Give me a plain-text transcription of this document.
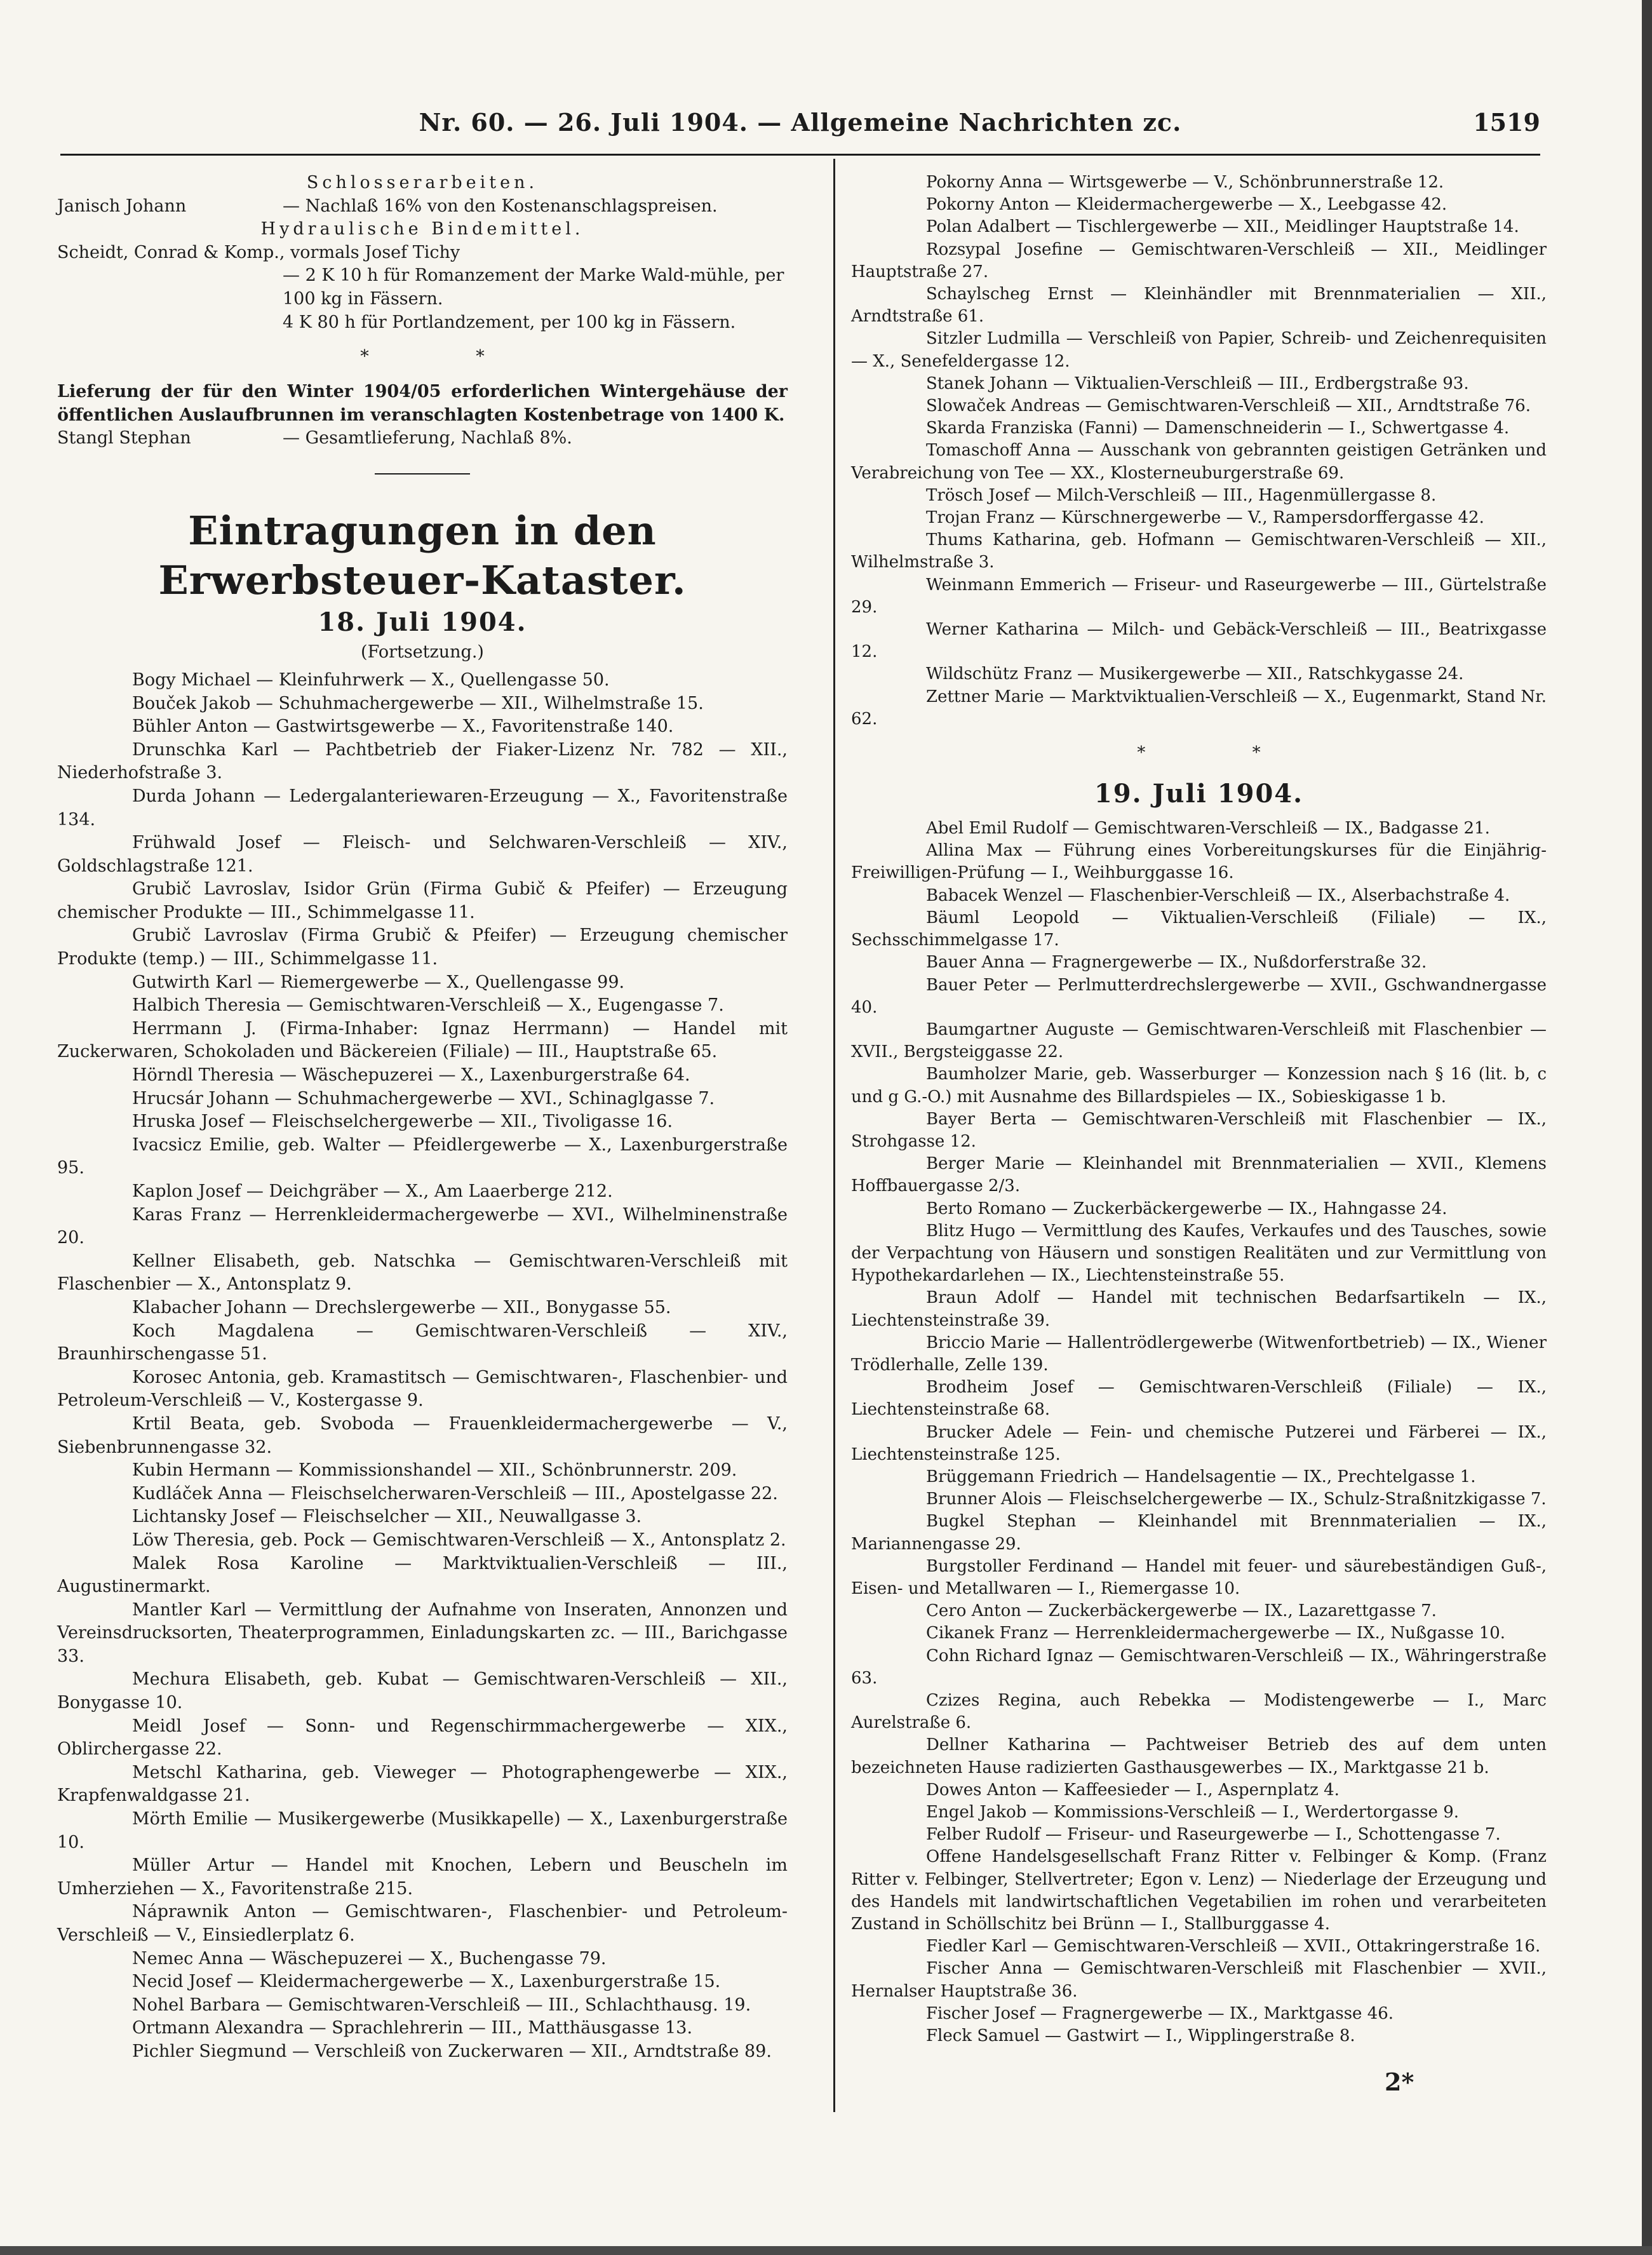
Nr. 60. — 26. Juli 1904. — Allgemeine Nachrichten zc.	1519

Schlosserarbeiten.

Janisch Johann	— Nachlaß 16% von den Kostenanschlagspreisen.

Hydraulische Bindemittel.

Scheidt, Conrad & Komp., vormals Josef Tichy

— 2 K 10 h für Romanzement der Marke Wald-mühle, per 100 kg in Fässern.

4 K 80 h für Portlandzement, per 100 kg in Fässern.

* *

Lieferung der für den Winter 1904/05 erforderlichen Wintergehäuse der öffentlichen Auslaufbrunnen im veranschlagten Kostenbetrage von 1400 K.

Stangl Stephan	— Gesamtlieferung, Nachlaß 8%.
Eintragungen in den Erwerbsteuer-Kataster.
18. Juli 1904.
(Fortsetzung.)

Bogy Michael — Kleinfuhrwerk — X., Quellengasse 50.

Bouček Jakob — Schuhmachergewerbe — XII., Wilhelmstraße 15.

Bühler Anton — Gastwirtsgewerbe — X., Favoritenstraße 140.

Drunschka Karl — Pachtbetrieb der Fiaker-Lizenz Nr. 782 — XII., Niederhofstraße 3.

Durda Johann — Ledergalanteriewaren-Erzeugung — X., Favoritenstraße 134.

Frühwald Josef — Fleisch- und Selchwaren-Verschleiß — XIV., Goldschlagstraße 121.

Grubič Lavroslav, Isidor Grün (Firma Gubič & Pfeifer) — Erzeugung chemischer Produkte — III., Schimmelgasse 11.

Grubič Lavroslav (Firma Grubič & Pfeifer) — Erzeugung chemischer Produkte (temp.) — III., Schimmelgasse 11.

Gutwirth Karl — Riemergewerbe — X., Quellengasse 99.

Halbich Theresia — Gemischtwaren-Verschleiß — X., Eugengasse 7.

Herrmann J. (Firma-Inhaber: Ignaz Herrmann) — Handel mit Zuckerwaren, Schokoladen und Bäckereien (Filiale) — III., Hauptstraße 65.

Hörndl Theresia — Wäschepuzerei — X., Laxenburgerstraße 64.

Hrucsár Johann — Schuhmachergewerbe — XVI., Schinaglgasse 7.

Hruska Josef — Fleischselchergewerbe — XII., Tivoligasse 16.

Ivacsicz Emilie, geb. Walter — Pfeidlergewerbe — X., Laxenburgerstraße 95.

Kaplon Josef — Deichgräber — X., Am Laaerberge 212.

Karas Franz — Herrenkleidermachergewerbe — XVI., Wilhelminenstraße 20.

Kellner Elisabeth, geb. Natschka — Gemischtwaren-Verschleiß mit Flaschenbier — X., Antonsplatz 9.

Klabacher Johann — Drechslergewerbe — XII., Bonygasse 55.

Koch Magdalena — Gemischtwaren-Verschleiß — XIV., Braunhirschengasse 51.

Korosec Antonia, geb. Kramastitsch — Gemischtwaren-, Flaschenbier- und Petroleum-Verschleiß — V., Kostergasse 9.

Krtil Beata, geb. Svoboda — Frauenkleidermachergewerbe — V., Siebenbrunnengasse 32.

Kubin Hermann — Kommissionshandel — XII., Schönbrunnerstr. 209.

Kudláček Anna — Fleischselcherwaren-Verschleiß — III., Apostelgasse 22.

Lichtansky Josef — Fleischselcher — XII., Neuwallgasse 3.

Löw Theresia, geb. Pock — Gemischtwaren-Verschleiß — X., Antonsplatz 2.

Malek Rosa Karoline — Marktviktualien-Verschleiß — III., Augustinermarkt.

Mantler Karl — Vermittlung der Aufnahme von Inseraten, Annonzen und Vereinsdrucksorten, Theaterprogrammen, Einladungskarten zc. — III., Barichgasse 33.

Mechura Elisabeth, geb. Kubat — Gemischtwaren-Verschleiß — XII., Bonygasse 10.

Meidl Josef — Sonn- und Regenschirmmachergewerbe — XIX., Oblirchergasse 22.

Metschl Katharina, geb. Vieweger — Photographengewerbe — XIX., Krapfenwaldgasse 21.

Mörth Emilie — Musikergewerbe (Musikkapelle) — X., Laxenburgerstraße 10.

Müller Artur — Handel mit Knochen, Lebern und Beuscheln im Umherziehen — X., Favoritenstraße 215.

Náprawnik Anton — Gemischtwaren-, Flaschenbier- und Petroleum-Verschleiß — V., Einsiedlerplatz 6.

Nemec Anna — Wäschepuzerei — X., Buchengasse 79.

Necid Josef — Kleidermachergewerbe — X., Laxenburgerstraße 15.

Nohel Barbara — Gemischtwaren-Verschleiß — III., Schlachthausg. 19.

Ortmann Alexandra — Sprachlehrerin — III., Matthäusgasse 13.

Pichler Siegmund — Verschleiß von Zuckerwaren — XII., Arndtstraße 89.

Pokorny Anna — Wirtsgewerbe — V., Schönbrunnerstraße 12.

Pokorny Anton — Kleidermachergewerbe — X., Leebgasse 42.

Polan Adalbert — Tischlergewerbe — XII., Meidlinger Hauptstraße 14.

Rozsypal Josefine — Gemischtwaren-Verschleiß — XII., Meidlinger Hauptstraße 27.

Schaylscheg Ernst — Kleinhändler mit Brennmaterialien — XII., Arndtstraße 61.

Sitzler Ludmilla — Verschleiß von Papier, Schreib- und Zeichenrequisiten — X., Senefeldergasse 12.

Stanek Johann — Viktualien-Verschleiß — III., Erdbergstraße 93.

Slowaček Andreas — Gemischtwaren-Verschleiß — XII., Arndtstraße 76.

Skarda Franziska (Fanni) — Damenschneiderin — I., Schwertgasse 4.

Tomaschoff Anna — Ausschank von gebrannten geistigen Getränken und Verabreichung von Tee — XX., Klosterneuburgerstraße 69.

Trösch Josef — Milch-Verschleiß — III., Hagenmüllergasse 8.

Trojan Franz — Kürschnergewerbe — V., Rampersdorffergasse 42.

Thums Katharina, geb. Hofmann — Gemischtwaren-Verschleiß — XII., Wilhelmstraße 3.

Weinmann Emmerich — Friseur- und Raseurgewerbe — III., Gürtelstraße 29.

Werner Katharina — Milch- und Gebäck-Verschleiß — III., Beatrixgasse 12.

Wildschütz Franz — Musikergewerbe — XII., Ratschkygasse 24.

Zettner Marie — Marktviktualien-Verschleiß — X., Eugenmarkt, Stand Nr. 62.

* *
19. Juli 1904.

Abel Emil Rudolf — Gemischtwaren-Verschleiß — IX., Badgasse 21.

Allina Max — Führung eines Vorbereitungskurses für die Einjährig-Freiwilligen-Prüfung — I., Weihburggasse 16.

Babacek Wenzel — Flaschenbier-Verschleiß — IX., Alserbachstraße 4.

Bäuml Leopold — Viktualien-Verschleiß (Filiale) — IX., Sechsschimmelgasse 17.

Bauer Anna — Fragnergewerbe — IX., Nußdorferstraße 32.

Bauer Peter — Perlmutterdrechslergewerbe — XVII., Gschwandnergasse 40.

Baumgartner Auguste — Gemischtwaren-Verschleiß mit Flaschenbier — XVII., Bergsteiggasse 22.

Baumholzer Marie, geb. Wasserburger — Konzession nach § 16 (lit. b, c und g G.-O.) mit Ausnahme des Billardspieles — IX., Sobieskigasse 1 b.

Bayer Berta — Gemischtwaren-Verschleiß mit Flaschenbier — IX., Strohgasse 12.

Berger Marie — Kleinhandel mit Brennmaterialien — XVII., Klemens Hoffbauergasse 2/3.

Berto Romano — Zuckerbäckergewerbe — IX., Hahngasse 24.

Blitz Hugo — Vermittlung des Kaufes, Verkaufes und des Tausches, sowie der Verpachtung von Häusern und sonstigen Realitäten und zur Vermittlung von Hypothekardarlehen — IX., Liechtensteinstraße 55.

Braun Adolf — Handel mit technischen Bedarfsartikeln — IX., Liechtensteinstraße 39.

Briccio Marie — Hallentrödlergewerbe (Witwenfortbetrieb) — IX., Wiener Trödlerhalle, Zelle 139.

Brodheim Josef — Gemischtwaren-Verschleiß (Filiale) — IX., Liechtensteinstraße 68.

Brucker Adele — Fein- und chemische Putzerei und Färberei — IX., Liechtensteinstraße 125.

Brüggemann Friedrich — Handelsagentie — IX., Prechtelgasse 1.

Brunner Alois — Fleischselchergewerbe — IX., Schulz-Straßnitzkigasse 7.

Bugkel Stephan — Kleinhandel mit Brennmaterialien — IX., Mariannengasse 29.

Burgstoller Ferdinand — Handel mit feuer- und säurebeständigen Guß-, Eisen- und Metallwaren — I., Riemergasse 10.

Cero Anton — Zuckerbäckergewerbe — IX., Lazarettgasse 7.

Cikanek Franz — Herrenkleidermachergewerbe — IX., Nußgasse 10.

Cohn Richard Ignaz — Gemischtwaren-Verschleiß — IX., Währingerstraße 63.

Czizes Regina, auch Rebekka — Modistengewerbe — I., Marc Aurelstraße 6.

Dellner Katharina — Pachtweiser Betrieb des auf dem unten bezeichneten Hause radizierten Gasthausgewerbes — IX., Marktgasse 21 b.

Dowes Anton — Kaffeesieder — I., Aspernplatz 4.

Engel Jakob — Kommissions-Verschleiß — I., Werdertorgasse 9.

Felber Rudolf — Friseur- und Raseurgewerbe — I., Schottengasse 7.

Offene Handelsgesellschaft Franz Ritter v. Felbinger & Komp. (Franz Ritter v. Felbinger, Stellvertreter; Egon v. Lenz) — Niederlage der Erzeugung und des Handels mit landwirtschaftlichen Vegetabilien im rohen und verarbeiteten Zustand in Schöllschitz bei Brünn — I., Stallburggasse 4.

Fiedler Karl — Gemischtwaren-Verschleiß — XVII., Ottakringerstraße 16.

Fischer Anna — Gemischtwaren-Verschleiß mit Flaschenbier — XVII., Hernalser Hauptstraße 36.

Fischer Josef — Fragnergewerbe — IX., Marktgasse 46.

Fleck Samuel — Gastwirt — I., Wipplingerstraße 8.

2*
